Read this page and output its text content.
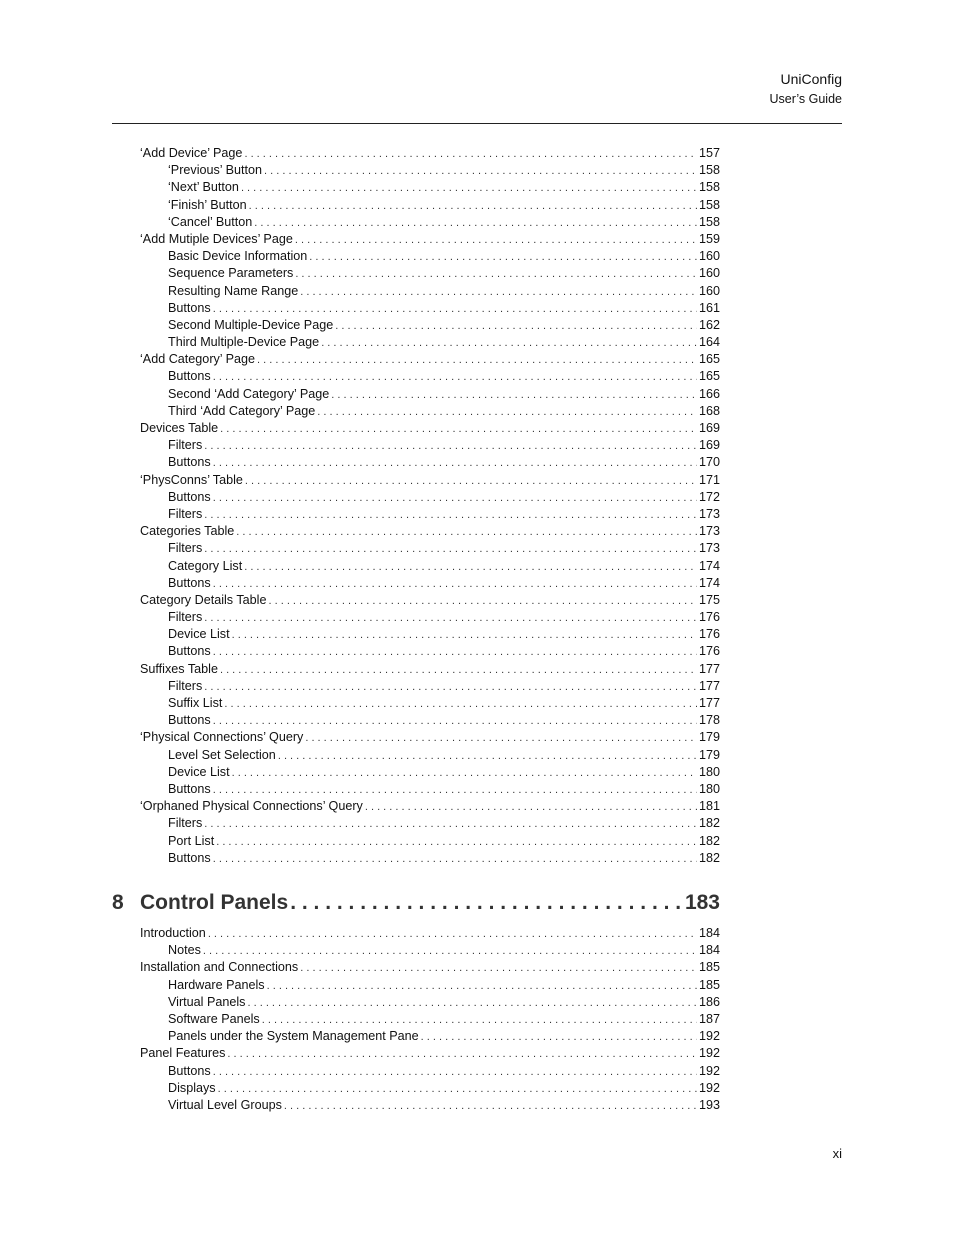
UniConfig
User’s Guide
‘Add Device’ Page . . .	157
‘Previous’ Button . . .	158
‘Next’ Button . . .	158
‘Finish’ Button . . .	158
‘Cancel’ Button . . .	158
‘Add Mutiple Devices’ Page . . .	159
Basic Device Information . . .	160
Sequence Parameters . . .	160
Resulting Name Range . . .	160
Buttons . . .	161
Second Multiple-Device Page . . .	162
Third Multiple-Device Page . . .	164
‘Add Category’ Page . . .	165
Buttons . . .	165
Second ‘Add Category’ Page . . .	166
Third ‘Add Category’ Page . . .	168
Devices Table . . .	169
Filters . . .	169
Buttons . . .	170
‘PhysConns’ Table . . .	171
Buttons . . .	172
Filters . . .	173
Categories Table . . .	173
Filters . . .	173
Category List . . .	174
Buttons . . .	174
Category Details Table . . .	175
Filters . . .	176
Device List . . .	176
Buttons . . .	176
Suffixes Table . . .	177
Filters . . .	177
Suffix List . . .	177
Buttons . . .	178
‘Physical Connections’ Query . . .	179
Level Set Selection . . .	179
Device List . . .	180
Buttons . . .	180
‘Orphaned Physical Connections’ Query . . .	181
Filters . . .	182
Port List . . .	182
Buttons . . .	182
8 Control Panels . . .	183
Introduction . . .	184
Notes . . .	184
Installation and Connections . . .	185
Hardware Panels . . .	185
Virtual Panels . . .	186
Software Panels . . .	187
Panels under the System Management Pane . . .	192
Panel Features . . .	192
Buttons . . .	192
Displays . . .	192
Virtual Level Groups . . .	193
xi
